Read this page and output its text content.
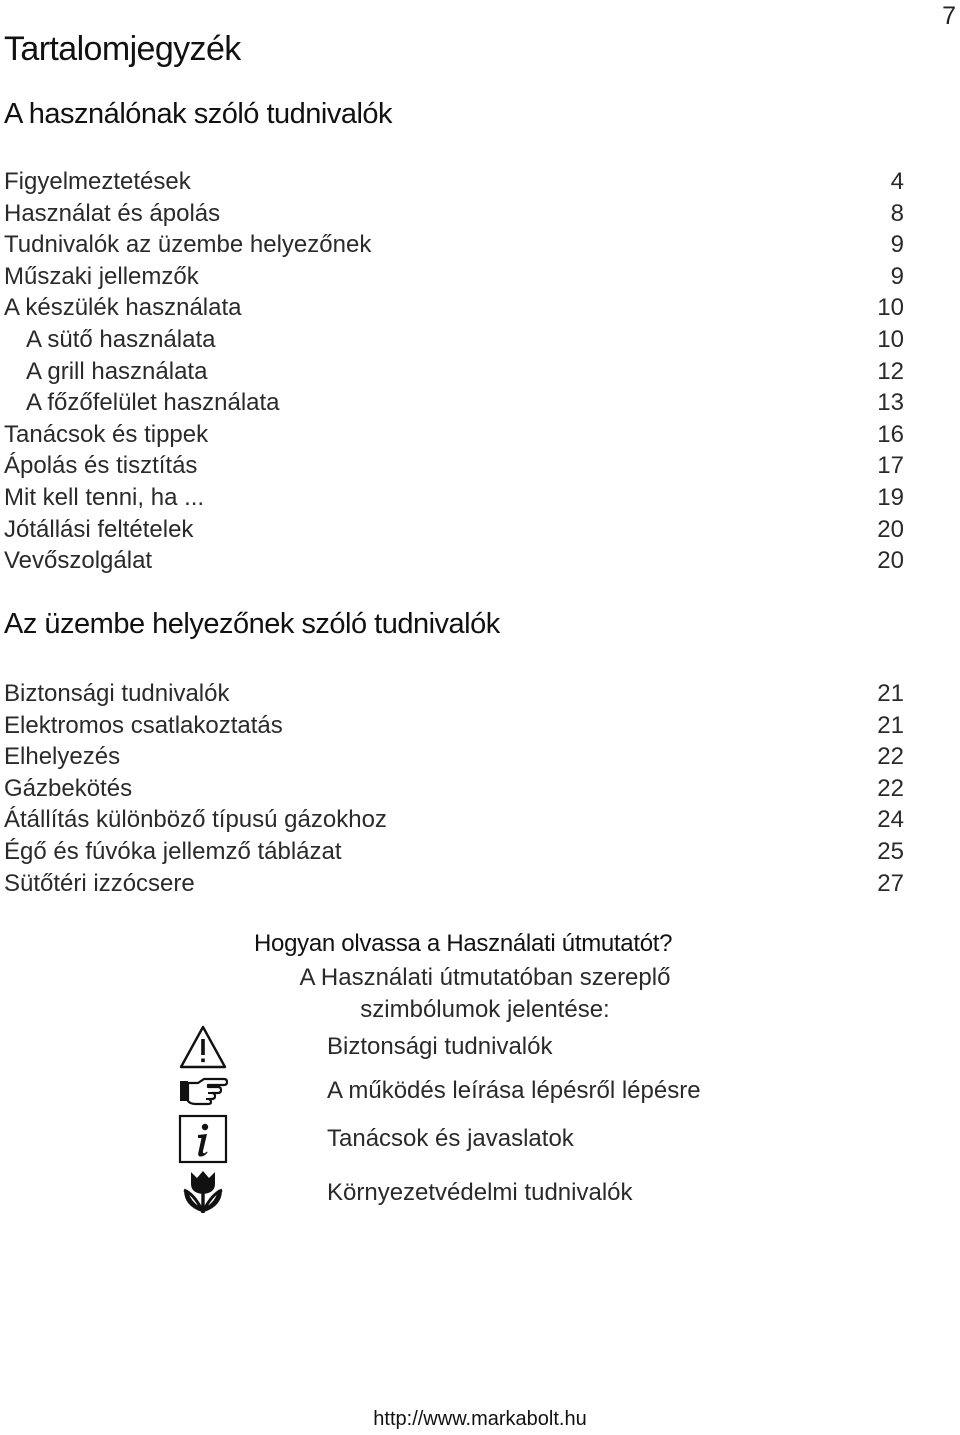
7
Tartalomjegyzék
A használónak szóló tudnivalók
Figyelmeztetések	4
Használat és ápolás	8
Tudnivalók az üzembe helyezőnek	9
Műszaki jellemzők	9
A készülék használata	10
A sütő használata	10
A grill használata	12
A főzőfelület használata	13
Tanácsok és tippek	16
Ápolás és tisztítás	17
Mit kell tenni, ha ...	19
Jótállási feltételek	20
Vevőszolgálat	20
Az üzembe helyezőnek szóló tudnivalók
Biztonsági tudnivalók	21
Elektromos csatlakoztatás	21
Elhelyezés	22
Gázbekötés	22
Átállítás különböző típusú gázokhoz	24
Égő és fúvóka jellemző táblázat	25
Sütőtéri izzócsere	27
Hogyan olvassa a Használati útmutatót?
A Használati útmutatóban szereplő
szimbólumok jelentése:
Biztonsági tudnivalók
A működés leírása lépésről lépésre
Tanácsok és javaslatok
Környezetvédelmi tudnivalók
http://www.markabolt.hu
